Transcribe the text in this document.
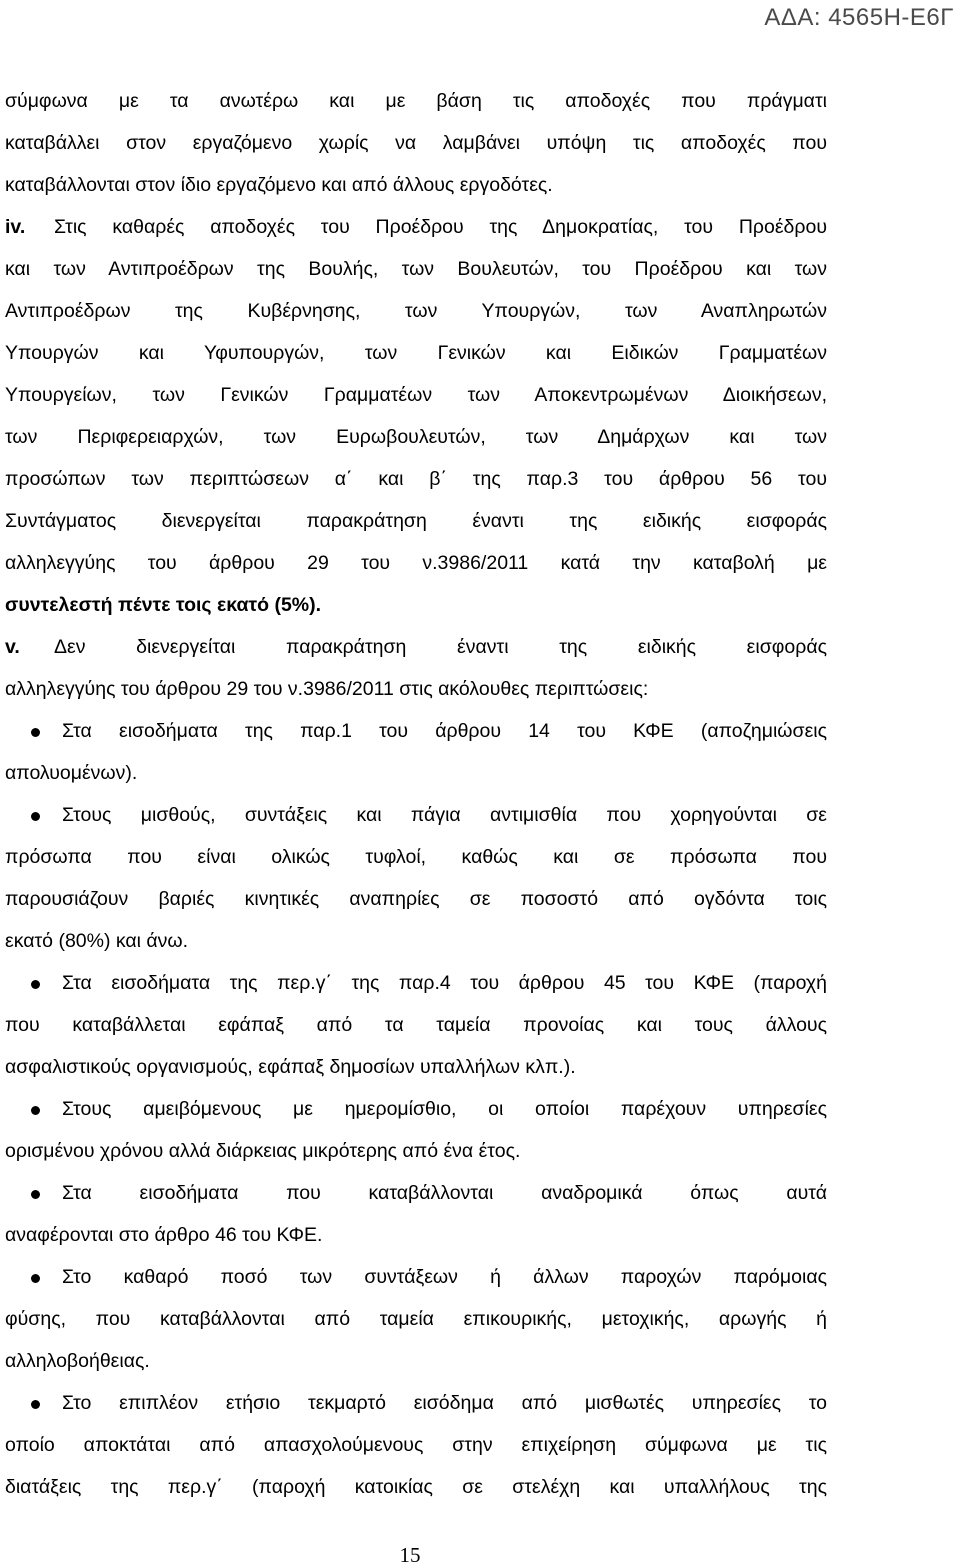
ΑΔΑ: 4565Η-Ε6Γ
σύμφωνα με τα ανωτέρω και με βάση τις αποδοχές που πράγματι
καταβάλλει στον εργαζόμενο χωρίς να λαμβάνει υπόψη τις αποδοχές που
καταβάλλονται στον ίδιο εργαζόμενο και από άλλους εργοδότες.
iv. Στις καθαρές αποδοχές του Προέδρου της Δημοκρατίας, του Προέδρου
και των Αντιπροέδρων της Βουλής, των Βουλευτών, του Προέδρου και των
Αντιπροέδρων της Κυβέρνησης, των Υπουργών, των Αναπληρωτών
Υπουργών και Υφυπουργών, των Γενικών και Ειδικών Γραμματέων
Υπουργείων, των Γενικών Γραμματέων των Αποκεντρωμένων Διοικήσεων,
των Περιφερειαρχών, των Ευρωβουλευτών, των Δημάρχων και των
προσώπων των περιπτώσεων α΄ και β΄ της παρ.3 του άρθρου 56 του
Συντάγματος διενεργείται παρακράτηση έναντι της ειδικής εισφοράς
αλληλεγγύης του άρθρου 29 του ν.3986/2011 κατά την καταβολή με
συντελεστή πέντε τοις εκατό (5%).
v. Δεν διενεργείται παρακράτηση έναντι της ειδικής εισφοράς
αλληλεγγύης του άρθρου 29 του ν.3986/2011 στις ακόλουθες περιπτώσεις:
Στα εισοδήματα της παρ.1 του άρθρου 14 του ΚΦΕ (αποζημιώσεις
απολυομένων).
Στους μισθούς, συντάξεις και πάγια αντιμισθία που χορηγούνται σε
πρόσωπα που είναι ολικώς τυφλοί, καθώς και σε πρόσωπα που
παρουσιάζουν βαριές κινητικές αναπηρίες σε ποσοστό από ογδόντα τοις
εκατό (80%) και άνω.
Στα εισοδήματα της περ.γ΄ της παρ.4 του άρθρου 45 του ΚΦΕ (παροχή
που καταβάλλεται εφάπαξ από τα ταμεία προνοίας και τους άλλους
ασφαλιστικούς οργανισμούς, εφάπαξ δημοσίων υπαλλήλων κλπ.).
Στους αμειβόμενους με ημερομίσθιο, οι οποίοι παρέχουν υπηρεσίες
ορισμένου χρόνου αλλά διάρκειας μικρότερης από ένα έτος.
Στα εισοδήματα που καταβάλλονται αναδρομικά όπως αυτά
αναφέρονται στο άρθρο 46 του ΚΦΕ.
Στο καθαρό ποσό των συντάξεων ή άλλων παροχών παρόμοιας
φύσης, που καταβάλλονται από ταμεία επικουρικής, μετοχικής, αρωγής ή
αλληλοβοήθειας.
Στο επιπλέον ετήσιο τεκμαρτό εισόδημα από μισθωτές υπηρεσίες το
οποίο αποκτάται από απασχολούμενους στην επιχείρηση σύμφωνα με τις
διατάξεις της περ.γ΄ (παροχή κατοικίας σε στελέχη και υπαλλήλους της
15
